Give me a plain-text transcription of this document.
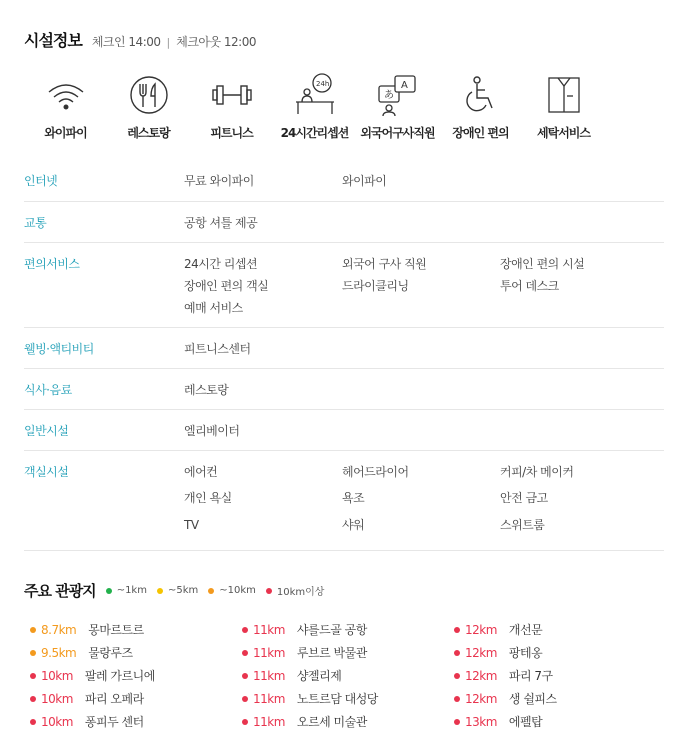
시설정보 체크인 14:00 | 체크아웃 12:00
와이파이	레스토랑	피트니스
24h
24시간리셉션
あ
A
외국어구사직원	장애인 편의	세탁서비스
인터넷	무료 와이파이	와이파이
교통	공항 셔틀 제공
편의서비스	24시간 리셉션	외국어 구사 직원	장애인 편의 시설
장애인 편의 객실	드라이클리닝	투어 데스크
예매 서비스
웰빙·액티비티	피트니스센터
식사·음료	레스토랑
일반시설	엘리베이터
객실시설	에어컨	헤어드라이어	커피/차 메이커
개인 욕실	욕조	안전 금고
TV	샤워	스위트룸
주요 관광지 ~1km ~5km ~10km 10km이상
8.7km 몽마르트르	11km 샤를드골 공항	12km 개선문
9.5km 물랑루즈	11km 루브르 박물관	12km 팡테옹
10km 팔레 가르니에	11km 샹젤리제	12km 파리 7구
10km 파리 오페라	11km 노트르담 대성당	12km 생 쉴피스
10km 퐁피두 센터	11km 오르세 미술관	13km 에펠탑
